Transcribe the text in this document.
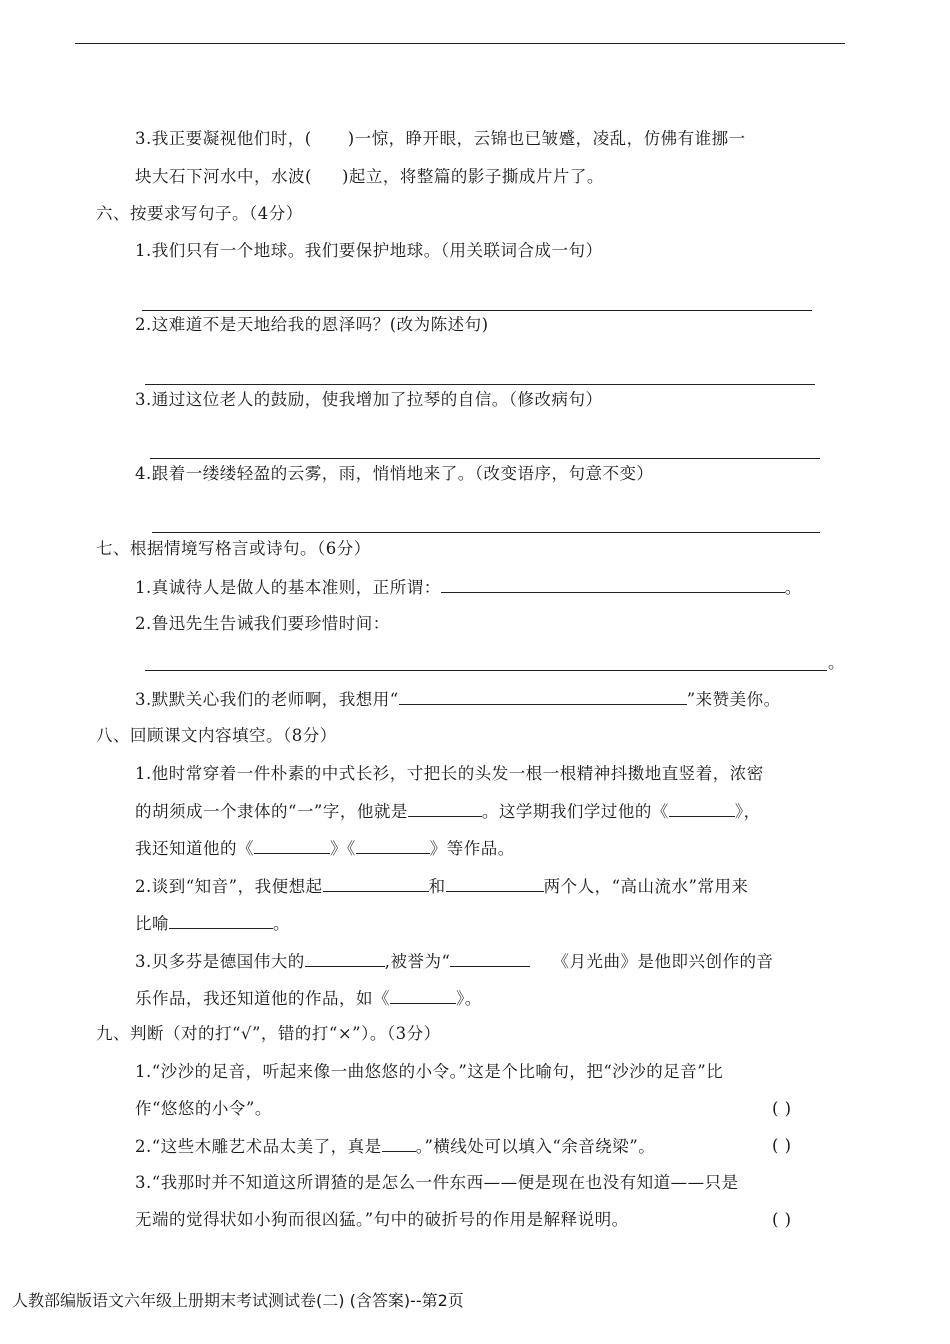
3.我正要凝视他们时，( )一惊，睁开眼，云锦也已皱蹙，凌乱，仿佛有谁挪一
块大石下河水中，水波( )起立，将整篇的影子撕成片片了。
六、按要求写句子。（4分）
1.我们只有一个地球。我们要保护地球。（用关联词合成一句）
2.这难道不是天地给我的恩泽吗？(改为陈述句)
3.通过这位老人的鼓励，使我增加了拉琴的自信。（修改病句）
4.跟着一缕缕轻盈的云雾，雨，悄悄地来了。（改变语序，句意不变）
七、根据情境写格言或诗句。（6分）
1.真诚待人是做人的基本准则，正所谓：	。
2.鲁迅先生告诫我们要珍惜时间：
。
3.默默关心我们的老师啊，我想用“	”来赞美你。
八、回顾课文内容填空。（8分）
1.他时常穿着一件朴素的中式长衫，寸把长的头发一根一根精神抖擞地直竖着，浓密
的胡须成一个隶体的“一”字，他就是	。这学期我们学过他的《	》，
我还知道他的《	》《	》等作品。
2.谈到“知音”，我便想起	和	两个人，“高山流水”常用来
比喻	。
3.贝多芬是德国伟大的	,被誉为“	《月光曲》是他即兴创作的音
乐作品，我还知道他的作品，如《	》。
九、判断（对的打“√”，错的打“×”）。（3分）
1.“沙沙的足音，听起来像一曲悠悠的小令。”这是个比喻句，把“沙沙的足音”比
作“悠悠的小令”。	( )
2.“这些木雕艺术品太美了，真是 。”横线处可以填入“余音绕梁”。	( )
3.“我那时并不知道这所谓猹的是怎么一件东西——便是现在也没有知道——只是
无端的觉得状如小狗而很凶猛。”句中的破折号的作用是解释说明。	( )
人教部编版语文六年级上册期末考试测试卷(二) (含答案)--第2页
